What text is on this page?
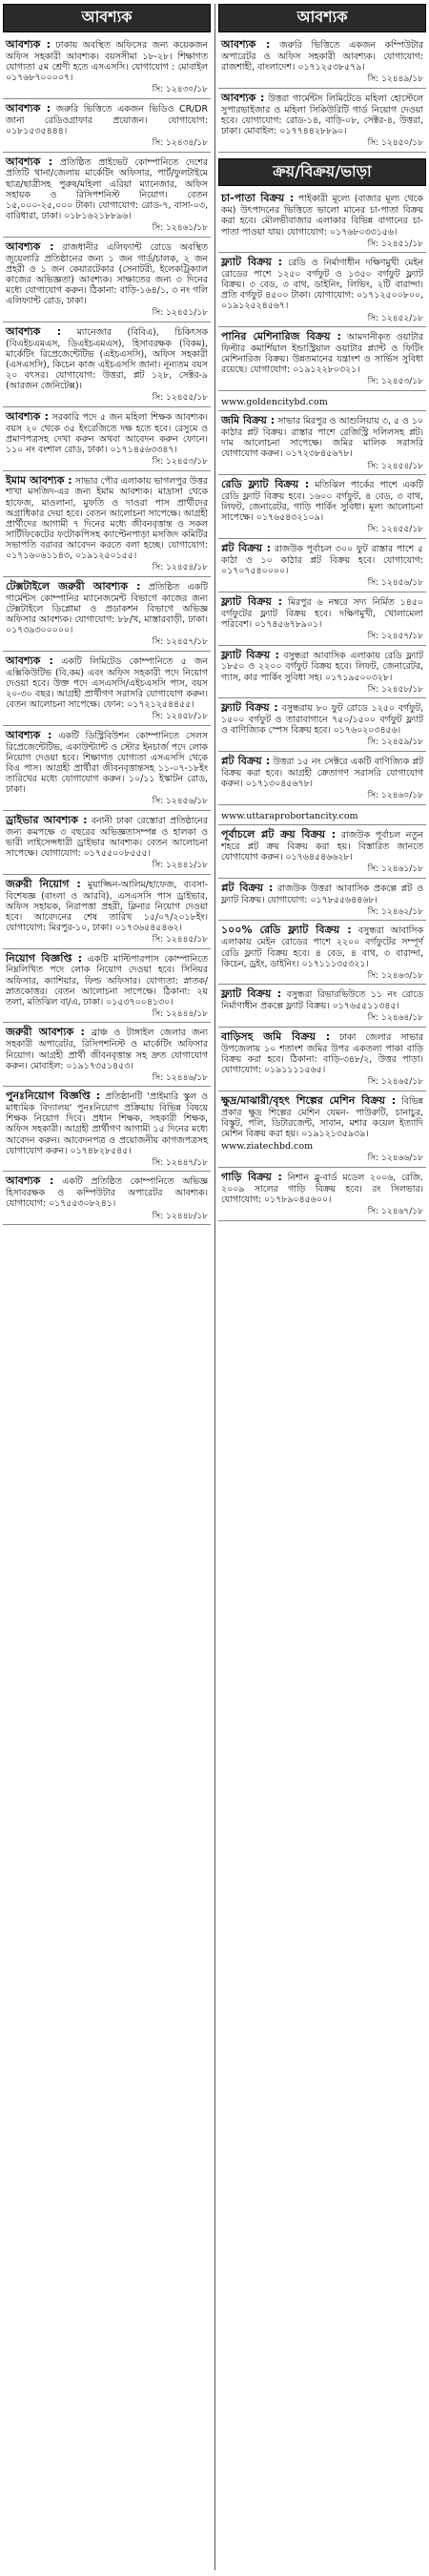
আবশ্যক
আবশ্যক : ঢাকায় অবস্থিত অফিসের জন্য কয়েকজন অফিস সহকারী আবশ্যক। বয়সসীমা ১৮-২৮। শিক্ষাগত যোগ্যতা ৫ম শ্রেণী হতে এসএসসি। যোগাযোগ : মোবাইল ০১৭৬৮৭০০০০৭।
সি: ১২৪৩০/১৮
আবশ্যক : জরুরি ভিত্তিতে একজন ভিডিও CR/DR জানা রেডিওগ্রাফার প্রয়োজন। যোগাযোগ: ০১৮১৫৩৫৪৪৪।
সি: ১২৪৩৪/১৮
আবশ্যক : প্রতিষ্ঠিত প্রাইভেট কোম্পানিতে দেশের প্রতিটি থানা/জেলায় মার্কেটিং অফিসার, পার্ট/ফুলটাইমে ছাত্র/ছাত্রীসহ পুরুষ/মহিলা এরিয়া ম্যানেজার, অফিস সহায়ক ও রিসিপশনিস্ট নিয়োগ। বেতন ১৫,০০০-২৫,০০০ টাকা। যোগাযোগ: রোড-৭, বাসা-০৩, বারিধারা, ঢাকা। ০১৮১৬২১৮৮৯৬।
সি: ১২৪৬১/১৮
আবশ্যক : রাজধানীর এলিফ্যান্ট রোডে অবস্থিত জুয়েলারি প্রতিষ্ঠানের জন্য ১ জন গার্ড/চালক, ২ জন প্রহরী ও ১ জন কেয়ারটেকার (সেনাটরী, ইলেকট্রিক্যাল কাজের অভিজ্ঞতা) আবশ্যক। সাক্ষাতের জন্য ৩ দিনের মধ্যে যোগাযোগ করুন। ঠিকানা: বাড়ি-১৬৪/১, ৩ নং গলি এলিফ্যান্ট রোড, ঢাকা।
সি: ১২৪৫১/১৮
আবশ্যক : ম্যানেজার (বিবিএ), চিকিৎসক (বিএইচএমএস, ডিএইচএমএস), হিসাবরক্ষক (বিকম), মার্কেটিং রিপ্রেজেন্টেটিভ (এইচএসসি), অফিস সহকারী (এসএসসি), কিচেন কাজ এইচএসসি জানা। নূন্যতম বয়স ২০ বৎসর। যোগাযোগ: উত্তরা, প্লট ১২৮, সেক্টর-৯ (আরজন জেনিটেক্স)।
সি: ১২৪৫৫/১৮
আবশ্যক : সরকারি পদে ৫ জন মহিলা শিক্ষক আবশ্যক। বয়স ২০ থেকে ৩৫ ইংরেজিতে দক্ষ হতে হবে। রেসুমে ও প্রমাণপত্রসহ দেখা করুন অথবা আবেদন করুন ফোনে। ১১০ নং বংশাল রোড, ঢাকা। ০১৭১৪৫৬৩৩৪৭।
সি: ১২৪৫৩/১৮
ইমাম আবশ্যক : সাভার পৌর এলাকায় ভাগলপুর উত্তর শাখা মসজিদ-এর জন্য ইমাম আবশ্যক। মাদ্রাসা থেকে হাফেজ, মাওলানা, মুফতি ও দাওরা পাস প্রার্থীদের অগ্রাধিকার দেয়া হবে। বেতন আলোচনা সাপেক্ষে। আগ্রহী প্রার্থীদের আগামী ৭ দিনের মধ্যে জীবনবৃত্তান্ত ও সকল সার্টিফিকেটের ফটোকপিসহ ক্যাপ্টেনপাড়া মসজিদ কমিটির সভাপতি বরাবর আবেদন করতে বলা হচ্ছে। যোগাযোগ: ০১৭১৬০৬১১৪৩, ০১৯১২৫০১৫৫।
সি: ১২৪৫৪/১৮
টেক্সটাইলে জরুরী আবশ্যক : প্রতিষ্ঠিত একটি গার্মেন্টস কোম্পানির ম্যানেজমেন্ট বিভাগে কাজের জন্য টেক্সটাইলে ডিপ্লোমা ও প্রডাকশন বিভাগে অভিজ্ঞ অফিসার আবশ্যক। যোগাযোগ: ৮৮/খ, মাস্তারবাড়ী, ঢাকা। ০১৭৩৯৩০০০০০।
সি: ১২৪৫৭/১৮
আবশ্যক : একটি লিমিটেড কোম্পানিতে ৫ জন এক্সিকিউটিভ (বি.কম) এবং অফিস সহকারী পদে নিয়োগ দেওয়া হবে। উক্ত পদে এসএসসি/এইচএসসি পাস, বয়স ২০-৩০ বছর। আগ্রহী প্রার্থীগণ সরাসরি যোগাযোগ করুন। বেতন আলোচনা সাপেক্ষে। ফোন: ০১৭২১২৫৪৪৫৫।
সি: ১২৪৫৮/১৮
আবশ্যক : একটি ডিস্ট্রিবিউশন কোম্পানিতে সেলস রিপ্রেজেন্টেটিভ, একাউন্ট্যান্ট ও স্টোর ইনচার্জ পদে লোক নিয়োগ দেওয়া হবে। শিক্ষাগত যোগ্যতা এসএসসি থেকে বিএ পাস। আগ্রহী প্রার্থীরা জীবনবৃত্তান্তসহ ১১-০৭-১৮ইং তারিখের মধ্যে যোগাযোগ করুন। ১০/১১ ইস্কাটন রোড, ঢাকা।
সি: ১২৪৫৬/১৮
ড্রাইভার আবশ্যক : বনানী ঢাকা রেস্তোরা প্রতিষ্ঠানের জন্য কমপক্ষে ৩ বছরের অভিজ্ঞতাসম্পন্ন ও হালকা ও ভারী লাইসেন্সধারী ড্রাইভার আবশ্যক। বেতন আলোচনা সাপেক্ষে। যোগাযোগ: ০১৭৫৫০০৮৫৫৫।
সি: ১২৪৪১/১৮
জরুরী নিয়োগ : মুয়াজ্জিন-আলিম/হাফেজ, ব্যবসা-বিশেষজ্ঞ (বাংলা ও আরবি), এসএসসি পাস ড্রাইভার, অফিস সহায়ক, নিরাপত্তা প্রহরী, ক্লিনার নিয়োগ দেওয়া হবে। আবেদনের শেষ তারিখ ১৫/০৭/২০১৮ইং। যোগাযোগ: মিরপুর-১০, ঢাকা। ০১৭৩৬৫৪৫৪৬২।
সি: ১২৪৪৫/১৮
নিয়োগ বিজ্ঞপ্তি : একটি মাল্টিপারপাস কোম্পানিতে নিম্নলিখিত পদে লোক নিয়োগ দেওয়া হবে। সিনিয়র অফিসার, ক্যাশিয়ার, ফিল্ড অফিসার। যোগ্যতা: স্নাতক/স্নাতকোত্তর। বেতন আলোচনা সাপেক্ষে। ঠিকানা: ২য় তলা, মতিঝিল বা/এ, ঢাকা। ০১৫৩৭০০৪১৩০।
সি: ১২৪৪৪/১৮
জরুরী আবশ্যক : ব্রাঞ্চ ও টাঙ্গাইল জেলার জন্য সহকারী অপারেটর, রিসিপশনিস্ট ও মার্কেটিং অফিসার নিয়োগ। আগ্রহী প্রার্থী জীবনবৃত্তান্ত সহ দ্রুত যোগাযোগ করুন। মোবাইল: ০১৯১৭৩৫১৪৫৩।
সি: ১২৪৪৬/১৮
পুনঃনিয়োগ বিজ্ঞপ্তি : প্রতিষ্ঠানটি 'প্রাইমারি স্কুল ও মাধ্যমিক বিদ্যালয়' পুনঃনিয়োগ প্রক্রিয়ায় বিভিন্ন বিষয়ে শিক্ষক নিয়োগ দিবে। প্রধান শিক্ষক, সহকারী শিক্ষক, অফিস সহকারী। আগ্রহী প্রার্থীগণ আগামী ১৫ দিনের মধ্যে আবেদন করুন। আবেদনপত্র ও প্রয়োজনীয় কাগজপত্রসহ যোগাযোগ করুন। ০১৭৪৮২৮৫৪৫।
সি: ১২৪৪৭/১৮
আবশ্যক : একটি প্রতিষ্ঠিত কোম্পানিতে অভিজ্ঞ হিসাবরক্ষক ও কম্পিউটার অপারেটর আবশ্যক। যোগাযোগ: ০১৭৫৫৩০৮২৪১।
সি: ১২৪৪৮/১৮
আবশ্যক
আবশ্যক : জরুরি ভিত্তিতে একজন কম্পিউটার অপারেটর ও অফিস সহকারী আবশ্যক। যোগাযোগ: রাজশাহী, বাংলাদেশ। ০১৭১২৫৩৮৫৭৯।
সি: ১২৪৪৯/১৮
আবশ্যক : উত্তরা গার্মেন্টস লিমিটেডে মহিলা হোস্টেলে সুপারভাইজার ও মহিলা সিকিউরিটি গার্ড নিয়োগ দেওয়া হবে। যোগাযোগ: রোড-১৪, বাড়ি-০৮, সেক্টর-৪, উত্তরা, ঢাকা। মোবাইল: ০১৭৭৪৪২৮৮৯০।
সি: ১২৪৫০/১৮
ক্রয়/বিক্রয়/ভাড়া
চা-পাতা বিক্রয় : পাইকারী মূল্যে (বাজার মূল্য থেকে কম) উৎপাদনের ভিত্তিতে ভালো মানের চা-পাতা বিক্রয় করা হবে। মৌলভীবাজার এলাকার বিভিন্ন বাগানের চা-পাতা পাওয়া যায়। যোগাযোগ: ০১৭৬৮০৩৩১৫৬।
সি: ১২৪৫১/১৮
ফ্ল্যাট বিক্রয় : রেডি ও নির্মাণাধীন দক্ষিণমুখী মেইন রোডের পাশে ১২৫০ বর্গফুট ও ১৩৫০ বর্গফুট ফ্ল্যাট বিক্রয়। ৩ বেড, ৩ বাথ, ডাইনিং, লিভিং, ২টি বারান্দা। প্রতি বর্গফুট ৪৫০০ টাকা। যোগাযোগ: ০১৭১২৫০০৮০০, ০১৯১২৫২৪৫৬৭।
সি: ১২৪৫২/১৮
পানির মেশিনারিজ বিক্রয় : আমদানীকৃত ওয়াটার ফিল্টার কমার্শিয়াল ইন্ডাস্ট্রিয়াল ওয়াটার প্ল্যান্ট ও ফিটিং মেশিনারিজ বিক্রয়। উন্নতমানের যন্ত্রাংশ ও সার্ভিস সুবিধা রয়েছে। যোগাযোগ: ০১৯১২২৮০৩২১।
সি: ১২৪৫৩/১৮
www.goldencitybd.com
জমি বিক্রয় : সাভার মিরপুর ও আশুলিয়ায় ৩, ৫ ও ১০ কাঠার প্লট বিক্রয়। রাস্তার পাশে রেজিস্ট্রি দলিলসহ প্লট। দাম আলোচনা সাপেক্ষে। জমির মালিক সরাসরি যোগাযোগ করুন। ০১৭২৩৮৪৫৬৭৮।
সি: ১২৪৫৪/১৮
রেডি ফ্ল্যাট বিক্রয় : মতিঝিল পার্কের পাশে একটি রেডি ফ্ল্যাট বিক্রয় হবে। ১৬০০ বর্গফুট, ৪ বেড, ৩ বাথ, লিফট, জেনারেটর, গাড়ি পার্কিং সুবিধা। মূল্য আলোচনা সাপেক্ষে। ০১৭৬৫৪৩২১০৯।
সি: ১২৪৫৫/১৮
প্লট বিক্রয় : রাজউক পূর্বাচল ৩০০ ফুট রাস্তার পাশে ৫ কাঠা ও ১০ কাঠার প্লট বিক্রয় হবে। যোগাযোগ: ০১৭০৭৫৪০০০০।
সি: ১২৪৫৬/১৮
ফ্ল্যাট বিক্রয় : মিরপুর ৬ নম্বরে সদ্য নির্মিত ১৪৫০ বর্গফুটের ফ্ল্যাট বিক্রয় হবে। দক্ষিণমুখী, খোলামেলা পরিবেশ। ০১৭৪৫৬৭৮৯০১।
সি: ১২৪৫৭/১৮
ফ্ল্যাট বিক্রয় : বসুন্ধরা আবাসিক এলাকায় রেডি ফ্ল্যাট ১৮৫০ ও ২২০০ বর্গফুট বিক্রয় হবে। লিফট, জেনারেটর, গ্যাস, কার পার্কিং সুবিধা সহ। ০১৭১৯৫০০৩২৮।
সি: ১২৪৫৮/১৮
ফ্ল্যাট বিক্রয় : বসুন্ধরায় ৮০ ফুট রোডে ১২৫০ বর্গফুট, ১৫০০ বর্গফুট ও তারাবাগানে ৭৫০/১৫০০ বর্গফুট ফ্ল্যাট ও বাণিজ্যিক স্পেস বিক্রয় হবে। ০১৭৬০২০৩৪৫৬।
সি: ১২৪৫৯/১৮
প্লট বিক্রয় : উত্তরা ১৫ নং সেক্টরে একটি বাণিজ্যিক প্লট বিক্রয় করা হবে। আগ্রহী ক্রেতাগণ সরাসরি যোগাযোগ করুন। ০১৭১৩০৪৫৬৭৮।
সি: ১২৪৬০/১৮
www.uttaraprobortancity.com
পূর্বাচলে প্লট ক্রয় বিক্রয় : রাজউক পূর্বাচল নতুন শহরে প্লট ক্রয় বিক্রয় করা হয়। বিস্তারিত জানতে যোগাযোগ করুন। ০১৭৬৪৫৪৬৬২৮।
সি: ১২৪৬১/১৮
প্লট বিক্রয় : রাজউক উত্তরা আবাসিক প্রকল্পে প্লট ও ফ্ল্যাট বিক্রয়। যোগাযোগ: ০১৭৮৫৫৬৪৪৬৮।
সি: ১২৪৬২/১৮
১০০% রেডি ফ্ল্যাট বিক্রয় : বসুন্ধরা আবাসিক এলাকায় মেইন রোডের পাশে ২২০০ বর্গফুটের সম্পূর্ণ রেডি ফ্ল্যাট বিক্রয় হবে। ৪ বেড, ৪ বাথ, ৩ বারান্দা, কিচেন, ড্রইং, ডাইনিং। ০১৭১১১৩৫৩২১।
সি: ১২৪৬৩/১৮
ফ্ল্যাট বিক্রয় : বসুন্ধরা রিভারভিউতে ১১ নং রোডে নির্মাণাধীন প্রকল্পে ফ্ল্যাট বিক্রয়। ০১৭৬৫৫১১৩৪৫।
সি: ১২৪৬৪/১৮
বাড়িসহ জমি বিক্রয় : ঢাকা জেলার সাভার উপজেলায় ১০ শতাংশ জমির উপর একতলা পাকা বাড়ি বিক্রয় করা হবে। ঠিকানা: বাড়ি-৩৪৮/২, উত্তর পাড়া। যোগাযোগ: ০১৯১১১১৫৬৫।
সি: ১২৪৬৫/১৮
ক্ষুদ্র/মাঝারী/বৃহৎ শিল্পের মেশিন বিক্রয় : বিভিন্ন প্রকার ক্ষুদ্র শিল্পের মেশিন যেমন- পাউরুটি, চানাচুর, বিস্কুট, পলি, ডিটারজেন্ট, সাবান, মশার কয়েল ইত্যাদি মেশিন বিক্রয় করা হয়। ০১৯১২১৩৫৯৩৯।
www.ziatechbd.com
সি: ১২৪৬৬/১৮
গাড়ি বিক্রয় : নিশান ব্লু-বার্ড মডেল ২০০৬, রেজি. ২০০৯ সালের গাড়ি বিক্রয় হবে। রং সিলভার। যোগাযোগ: ০১৭৮৯০৪৫৬০০।
সি: ১২৪৬৭/১৮
